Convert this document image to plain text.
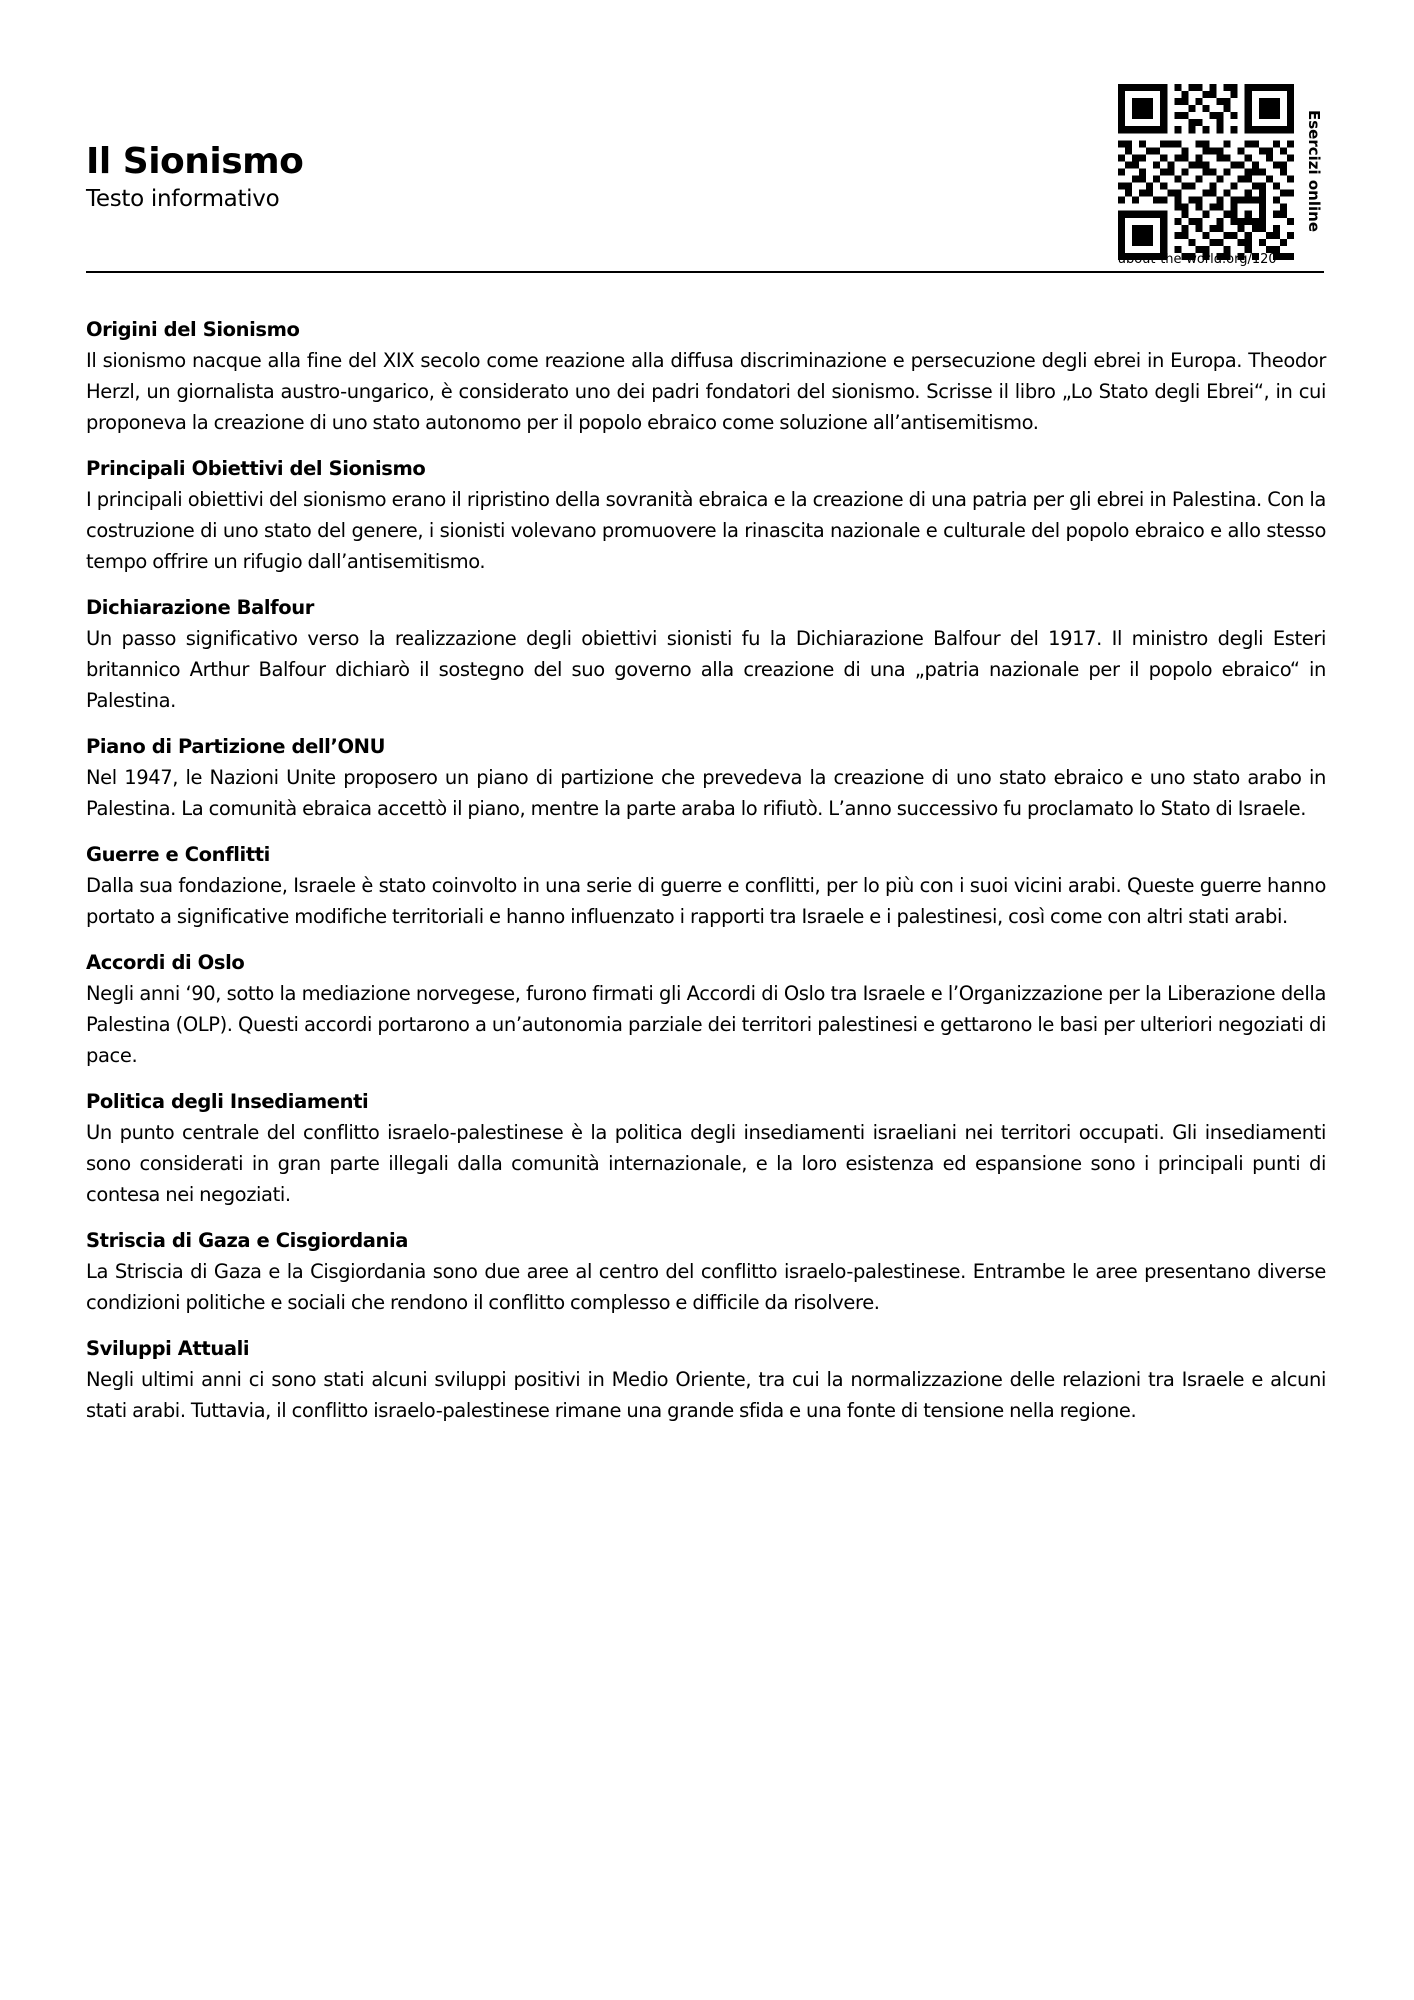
Il Sionismo

Testo informativo	Esercizi online
about-the-world.org/120
Origini del Sionismo

Il sionismo nacque alla fine del XIX secolo come reazione alla diffusa discriminazione e persecuzione degli ebrei in Europa. Theodor Herzl, un giornalista austro-ungarico, è considerato uno dei padri fondatori del sionismo. Scrisse il libro „Lo Stato degli Ebrei“, in cui proponeva la creazione di uno stato autonomo per il popolo ebraico come soluzione all’antisemitismo.

Principali Obiettivi del Sionismo

I principali obiettivi del sionismo erano il ripristino della sovranità ebraica e la creazione di una patria per gli ebrei in Palestina. Con la costruzione di uno stato del genere, i sionisti volevano promuovere la rinascita nazionale e culturale del popolo ebraico e allo stesso tempo offrire un rifugio dall’antisemitismo.

Dichiarazione Balfour

Un passo significativo verso la realizzazione degli obiettivi sionisti fu la Dichiarazione Balfour del 1917. Il ministro degli Esteri britannico Arthur Balfour dichiarò il sostegno del suo governo alla creazione di una „patria nazionale per il popolo ebraico“ in Palestina.

Piano di Partizione dell’ONU

Nel 1947, le Nazioni Unite proposero un piano di partizione che prevedeva la creazione di uno stato ebraico e uno stato arabo in Palestina. La comunità ebraica accettò il piano, mentre la parte araba lo rifiutò. L’anno successivo fu proclamato lo Stato di Israele.

Guerre e Conflitti

Dalla sua fondazione, Israele è stato coinvolto in una serie di guerre e conflitti, per lo più con i suoi vicini arabi. Queste guerre hanno portato a significative modifiche territoriali e hanno influenzato i rapporti tra Israele e i palestinesi, così come con altri stati arabi.

Accordi di Oslo

Negli anni ‘90, sotto la mediazione norvegese, furono firmati gli Accordi di Oslo tra Israele e l’Organizzazione per la Liberazione della Palestina (OLP). Questi accordi portarono a un’autonomia parziale dei territori palestinesi e gettarono le basi per ulteriori negoziati di pace.

Politica degli Insediamenti

Un punto centrale del conflitto israelo-palestinese è la politica degli insediamenti israeliani nei territori occupati. Gli insediamenti sono considerati in gran parte illegali dalla comunità internazionale, e la loro esistenza ed espansione sono i principali punti di contesa nei negoziati.

Striscia di Gaza e Cisgiordania

La Striscia di Gaza e la Cisgiordania sono due aree al centro del conflitto israelo-palestinese. Entrambe le aree presentano diverse condizioni politiche e sociali che rendono il conflitto complesso e difficile da risolvere.

Sviluppi Attuali

Negli ultimi anni ci sono stati alcuni sviluppi positivi in Medio Oriente, tra cui la normalizzazione delle relazioni tra Israele e alcuni stati arabi. Tuttavia, il conflitto israelo-palestinese rimane una grande sfida e una fonte di tensione nella regione.
